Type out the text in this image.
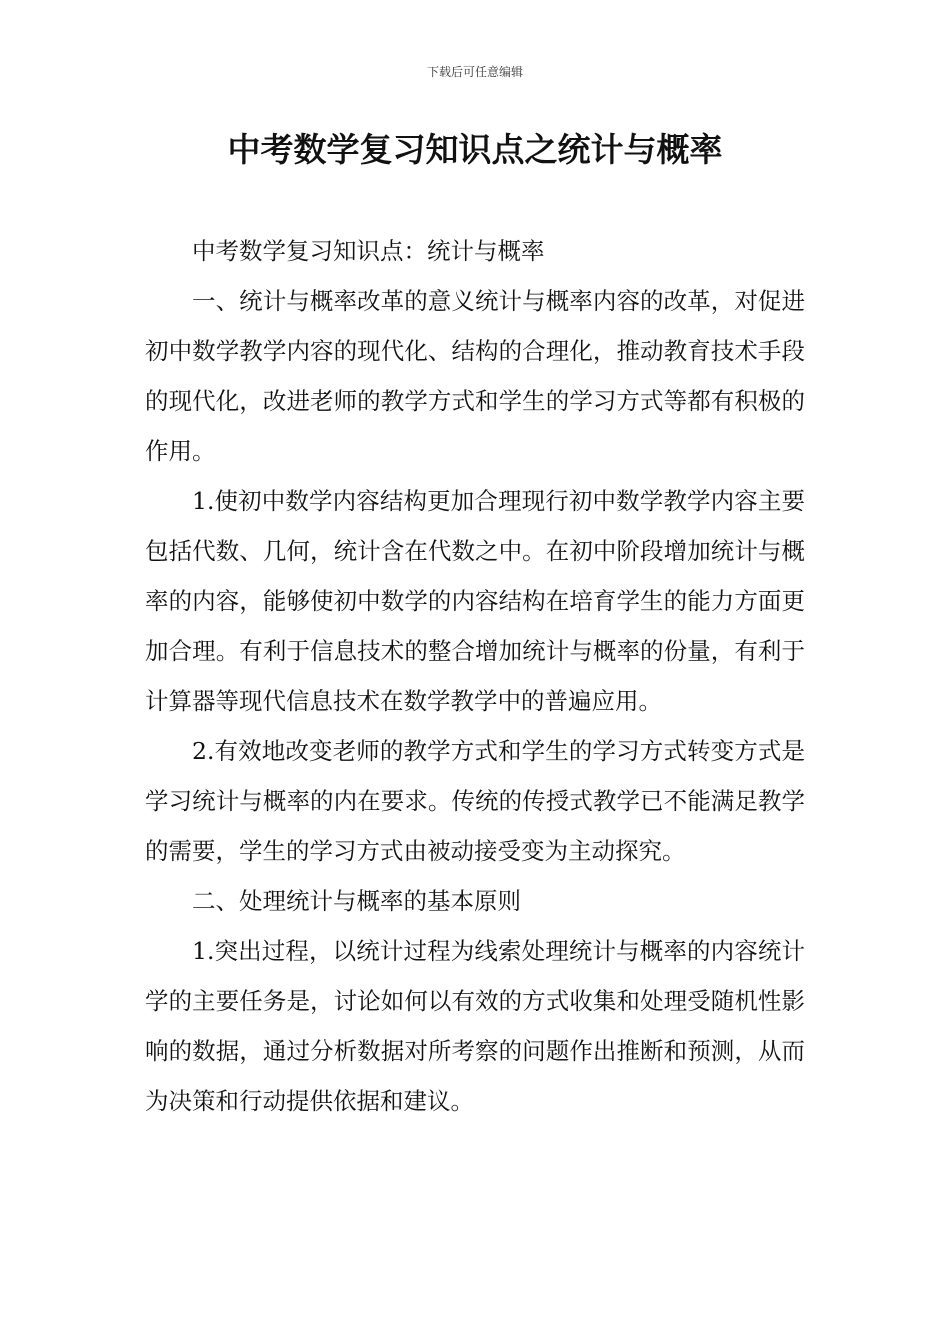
下载后可任意编辑
中考数学复习知识点之统计与概率

中考数学复习知识点：统计与概率

一、统计与概率改革的意义统计与概率内容的改革，对促进初中数学教学内容的现代化、结构的合理化，推动教育技术手段的现代化，改进老师的教学方式和学生的学习方式等都有积极的作用。

1.使初中数学内容结构更加合理现行初中数学教学内容主要包括代数、几何，统计含在代数之中。在初中阶段增加统计与概率的内容，能够使初中数学的内容结构在培育学生的能力方面更加合理。有利于信息技术的整合增加统计与概率的份量，有利于计算器等现代信息技术在数学教学中的普遍应用。

2.有效地改变老师的教学方式和学生的学习方式转变方式是学习统计与概率的内在要求。传统的传授式教学已不能满足教学的需要，学生的学习方式由被动接受变为主动探究。

二、处理统计与概率的基本原则

1.突出过程，以统计过程为线索处理统计与概率的内容统计学的主要任务是，讨论如何以有效的方式收集和处理受随机性影响的数据，通过分析数据对所考察的问题作出推断和预测，从而为决策和行动提供依据和建议。
